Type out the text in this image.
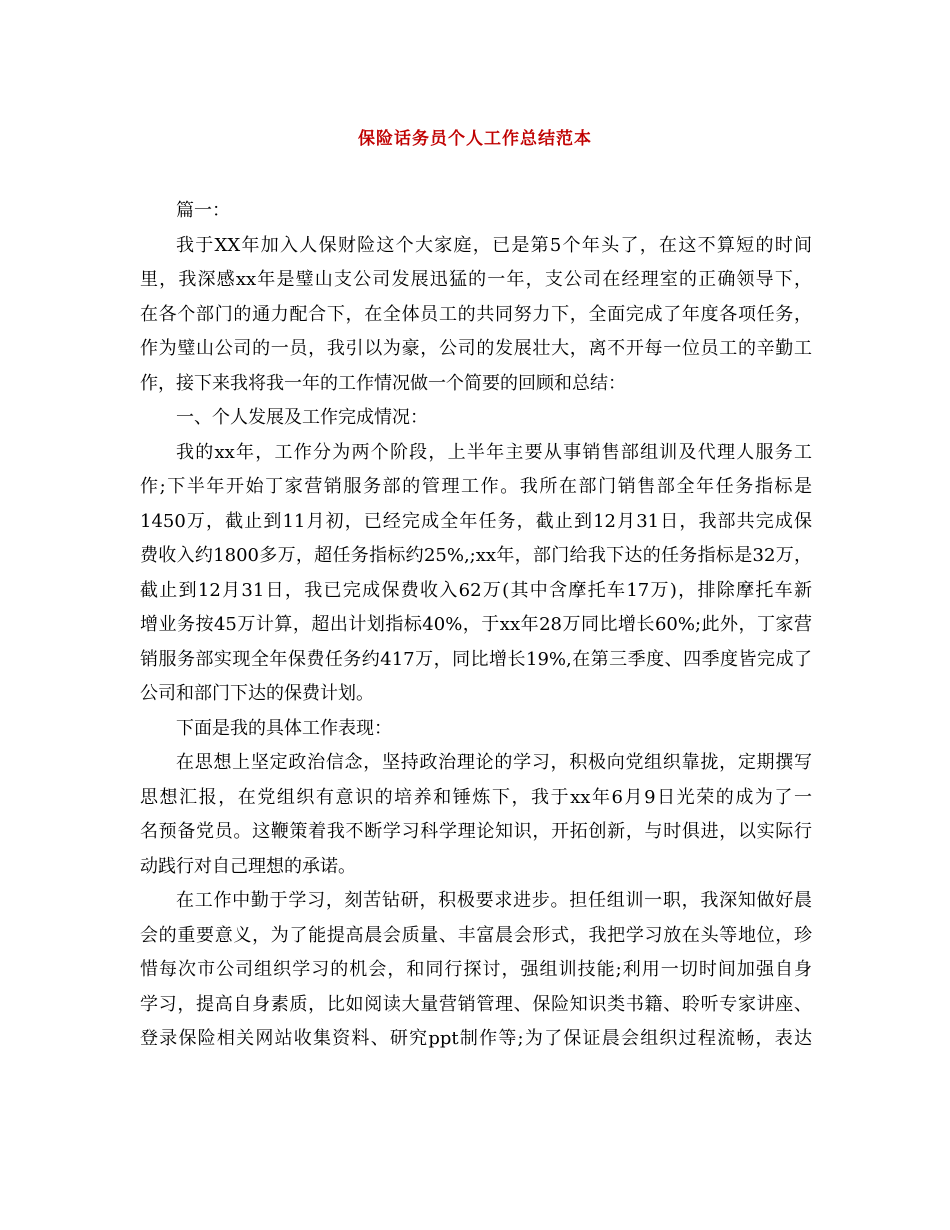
保险话务员个人工作总结范本
篇一：
我于XX年加入人保财险这个大家庭，已是第5个年头了，在这不算短的时间
里，我深感xx年是璧山支公司发展迅猛的一年，支公司在经理室的正确领导下，
在各个部门的通力配合下，在全体员工的共同努力下，全面完成了年度各项任务，
作为璧山公司的一员，我引以为豪，公司的发展壮大，离不开每一位员工的辛勤工
作，接下来我将我一年的工作情况做一个简要的回顾和总结：
一、个人发展及工作完成情况：
我的xx年，工作分为两个阶段，上半年主要从事销售部组训及代理人服务工
作;下半年开始丁家营销服务部的管理工作。我所在部门销售部全年任务指标是
1450万，截止到11月初，已经完成全年任务，截止到12月31日，我部共完成保
费收入约1800多万，超任务指标约25%,;xx年，部门给我下达的任务指标是32万，
截止到12月31日，我已完成保费收入62万(其中含摩托车17万)，排除摩托车新
增业务按45万计算，超出计划指标40%，于xx年28万同比增长60%;此外，丁家营
销服务部实现全年保费任务约417万，同比增长19%,在第三季度、四季度皆完成了
公司和部门下达的保费计划。
下面是我的具体工作表现：
在思想上坚定政治信念，坚持政治理论的学习，积极向党组织靠拢，定期撰写
思想汇报，在党组织有意识的培养和锤炼下，我于xx年6月9日光荣的成为了一
名预备党员。这鞭策着我不断学习科学理论知识，开拓创新，与时俱进，以实际行
动践行对自己理想的承诺。
在工作中勤于学习，刻苦钻研，积极要求进步。担任组训一职，我深知做好晨
会的重要意义，为了能提高晨会质量、丰富晨会形式，我把学习放在头等地位，珍
惜每次市公司组织学习的机会，和同行探讨，强组训技能;利用一切时间加强自身
学习，提高自身素质，比如阅读大量营销管理、保险知识类书籍、聆听专家讲座、
登录保险相关网站收集资料、研究ppt制作等;为了保证晨会组织过程流畅，表达
